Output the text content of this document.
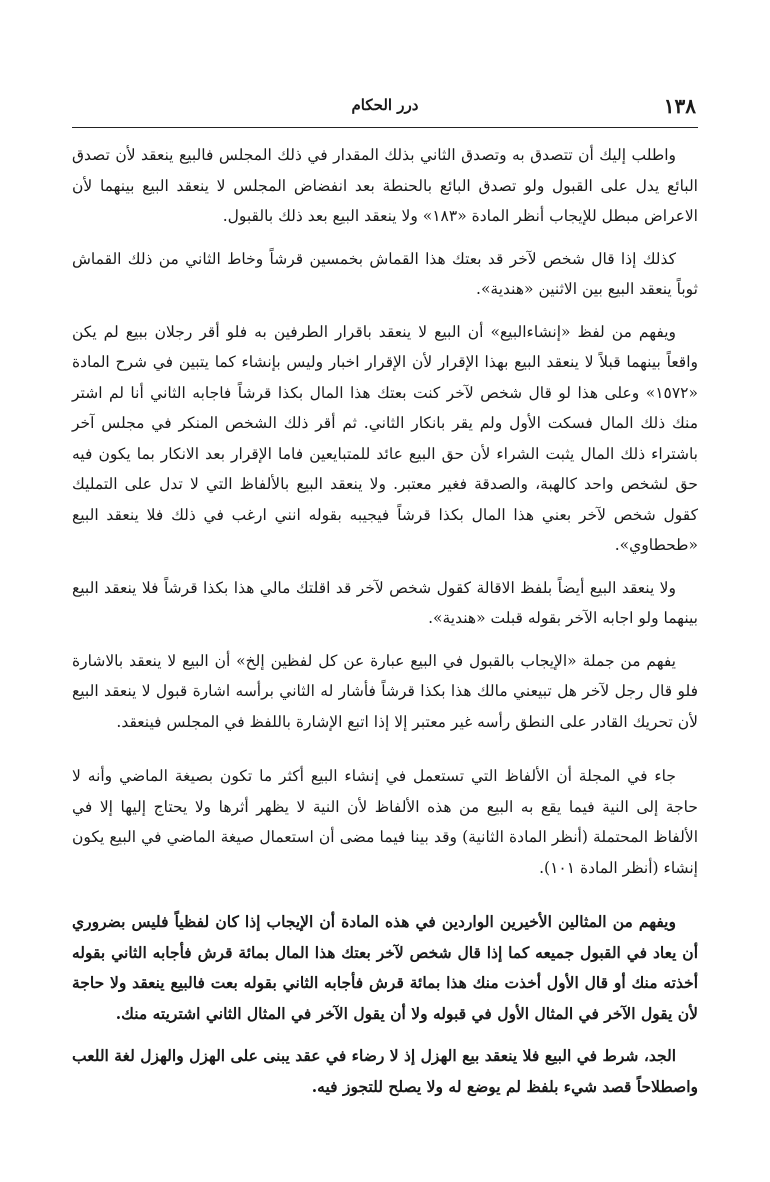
١٣٨
درر الحكام

واطلب إليك أن تتصدق به وتصدق الثاني بذلك المقدار في ذلك المجلس فالبيع ينعقد لأن تصدق البائع يدل على القبول ولو تصدق البائع بالحنطة بعد انفضاض المجلس لا ينعقد البيع بينهما لأن الاعراض مبطل للإيجاب أنظر المادة «١٨٣» ولا ينعقد البيع بعد ذلك بالقبول.

كذلك إذا قال شخص لآخر قد بعتك هذا القماش بخمسين قرشاً وخاط الثاني من ذلك القماش ثوباً ينعقد البيع بين الاثنين «هندية».

ويفهم من لفظ «إنشاءالبيع» أن البيع لا ينعقد باقرار الطرفين به فلو أقر رجلان ببيع لم يكن واقعاً بينهما قبلاً لا ينعقد البيع بهذا الإقرار لأن الإقرار اخبار وليس بإنشاء كما يتبين في شرح المادة «١٥٧٢» وعلى هذا لو قال شخص لآخر كنت بعتك هذا المال بكذا قرشاً فاجابه الثاني أنا لم اشتر منك ذلك المال فسكت الأول ولم يقر بانكار الثاني. ثم أقر ذلك الشخص المنكر في مجلس آخر باشتراء ذلك المال يثبت الشراء لأن حق البيع عائد للمتبايعين فاما الإقرار بعد الانكار بما يكون فيه حق لشخص واحد كالهبة، والصدقة فغير معتبر. ولا ينعقد البيع بالألفاظ التي لا تدل على التمليك كقول شخص لآخر بعني هذا المال بكذا قرشاً فيجيبه بقوله انني ارغب في ذلك فلا ينعقد البيع «طحطاوي».

ولا ينعقد البيع أيضاً بلفظ الاقالة كقول شخص لآخر قد اقلتك مالي هذا بكذا قرشاً فلا ينعقد البيع بينهما ولو اجابه الآخر بقوله قبلت «هندية».

يفهم من جملة «الإيجاب بالقبول في البيع عبارة عن كل لفظين إلخ» أن البيع لا ينعقد بالاشارة فلو قال رجل لآخر هل تبيعني مالك هذا بكذا قرشاً فأشار له الثاني برأسه اشارة قبول لا ينعقد البيع لأن تحريك القادر على النطق رأسه غير معتبر إلا إذا اتبع الإشارة باللفظ في المجلس فينعقد.

جاء في المجلة أن الألفاظ التي تستعمل في إنشاء البيع أكثر ما تكون بصيغة الماضي وأنه لا حاجة إلى النية فيما يقع به البيع من هذه الألفاظ لأن النية لا يظهر أثرها ولا يحتاج إليها إلا في الألفاظ المحتملة (أنظر المادة الثانية) وقد بينا فيما مضى أن استعمال صيغة الماضي في البيع يكون إنشاء (أنظر المادة ١٠١).

ويفهم من المثالين الأخيرين الواردين في هذه المادة أن الإيجاب إذا كان لفظياً فليس بضروري أن يعاد في القبول جميعه كما إذا قال شخص لآخر بعتك هذا المال بمائة قرش فأجابه الثاني بقوله أخذته منك أو قال الأول أخذت منك هذا بمائة قرش فأجابه الثاني بقوله بعت فالبيع ينعقد ولا حاجة لأن يقول الآخر في المثال الأول في قبوله ولا أن يقول الآخر في المثال الثاني اشتريته منك.

الجد، شرط في البيع فلا ينعقد بيع الهزل إذ لا رضاء في عقد يبنى على الهزل والهزل لغة اللعب واصطلاحاً قصد شيء بلفظ لم يوضع له ولا يصلح للتجوز فيه.
